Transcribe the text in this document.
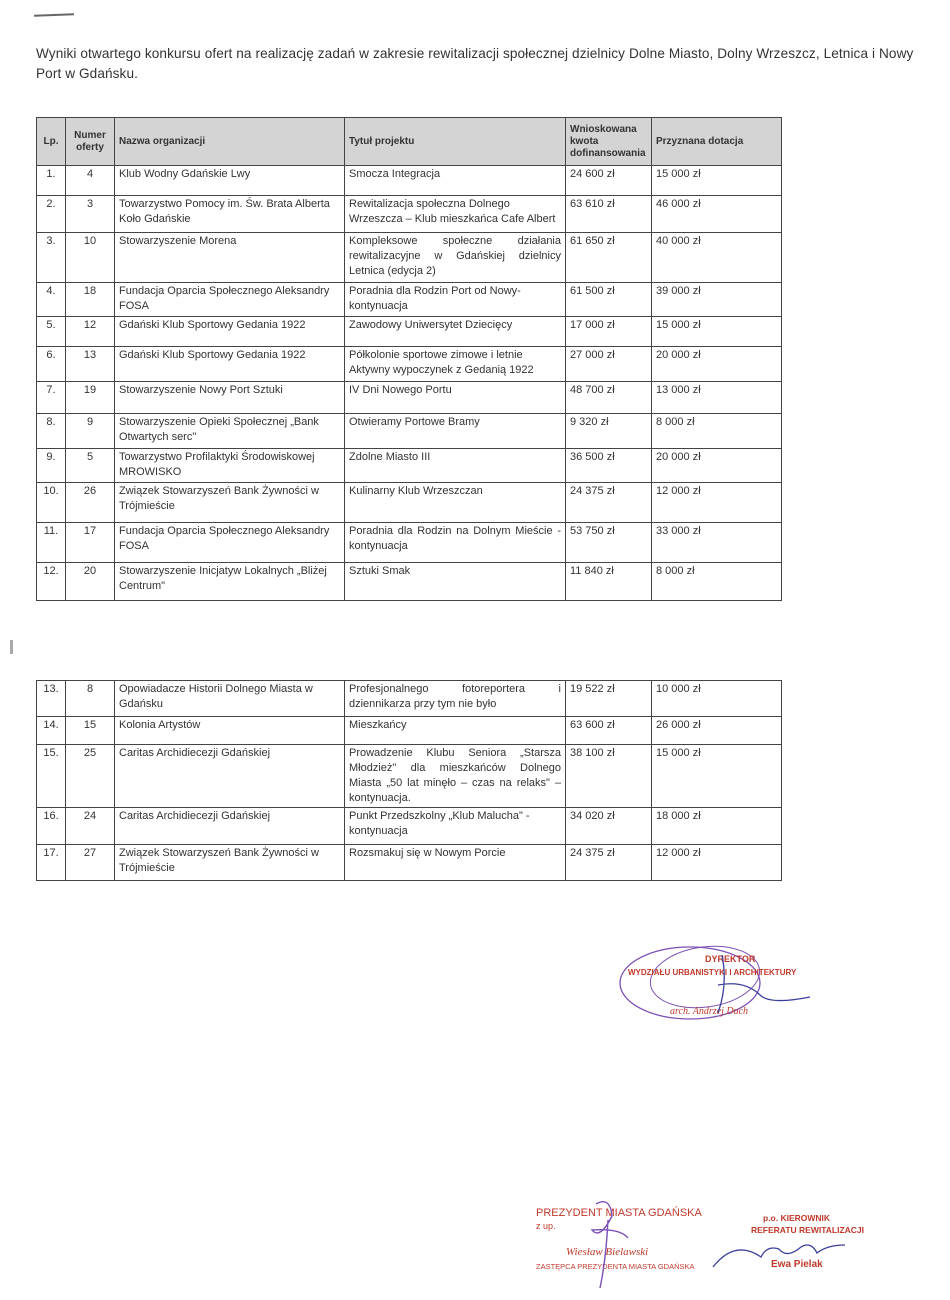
Wyniki otwartego konkursu ofert na realizację zadań w zakresie rewitalizacji społecznej dzielnicy Dolne Miasto, Dolny Wrzeszcz, Letnica i Nowy Port w Gdańsku.
Lp.	Numer oferty	Nazwa organizacji	Tytuł projektu	Wnioskowana kwota dofinansowania	Przyznana dotacja
1.	4	Klub Wodny Gdańskie Lwy	Smocza Integracja	24 600 zł	15 000 zł
2.	3	Towarzystwo Pomocy im. Św. Brata Alberta Koło Gdańskie	Rewitalizacja społeczna Dolnego Wrzeszcza – Klub mieszkańca Cafe Albert	63 610 zł	46 000 zł
3.	10	Stowarzyszenie Morena	Kompleksowe społeczne działania rewitalizacyjne w Gdańskiej dzielnicy Letnica (edycja 2)	61 650 zł	40 000 zł
4.	18	Fundacja Oparcia Społecznego Aleksandry FOSA	Poradnia dla Rodzin Port od Nowy- kontynuacja	61 500 zł	39 000 zł
5.	12	Gdański Klub Sportowy Gedania 1922	Zawodowy Uniwersytet Dziecięcy	17 000 zł	15 000 zł
6.	13	Gdański Klub Sportowy Gedania 1922	Półkolonie sportowe zimowe i letnie Aktywny wypoczynek z Gedanią 1922	27 000 zł	20 000 zł
7.	19	Stowarzyszenie Nowy Port Sztuki	IV Dni Nowego Portu	48 700 zł	13 000 zł
8.	9	Stowarzyszenie Opieki Społecznej „Bank Otwartych serc"	Otwieramy Portowe Bramy	9 320 zł	8 000 zł
9.	5	Towarzystwo Profilaktyki Środowiskowej MROWISKO	Zdolne Miasto III	36 500 zł	20 000 zł
10.	26	Związek Stowarzyszeń Bank Żywności w Trójmieście	Kulinarny Klub Wrzeszczan	24 375 zł	12 000 zł
11.	17	Fundacja Oparcia Społecznego Aleksandry FOSA	Poradnia dla Rodzin na Dolnym Mieście - kontynuacja	53 750 zł	33 000 zł
12.	20	Stowarzyszenie Inicjatyw Lokalnych „Bliżej Centrum"	Sztuki Smak	11 840 zł	8 000 zł
13.	8	Opowiadacze Historii Dolnego Miasta w Gdańsku	Profesjonalnego fotoreportera i dziennikarza przy tym nie było	19 522 zł	10 000 zł
14.	15	Kolonia Artystów	Mieszkańcy	63 600 zł	26 000 zł
15.	25	Caritas Archidiecezji Gdańskiej	Prowadzenie Klubu Seniora „Starsza Młodzież" dla mieszkańców Dolnego Miasta „50 lat minęło – czas na relaks" – kontynuacja.	38 100 zł	15 000 zł
16.	24	Caritas Archidiecezji Gdańskiej	Punkt Przedszkolny „Klub Malucha" - kontynuacja	34 020 zł	18 000 zł
17.	27	Związek Stowarzyszeń Bank Żywności w Trójmieście	Rozsmakuj się w Nowym Porcie	24 375 zł	12 000 zł
DYREKTOR
WYDZIAŁU URBANISTYKI I ARCHITEKTURY
arch. Andrzej Duch
PREZYDENT MIASTA GDAŃSKA
z up.
Wiesław Bielawski
ZASTĘPCA PREZYDENTA MIASTA GDAŃSKA
p.o. KIEROWNIK
REFERATU REWITALIZACJI
Ewa Pielak
